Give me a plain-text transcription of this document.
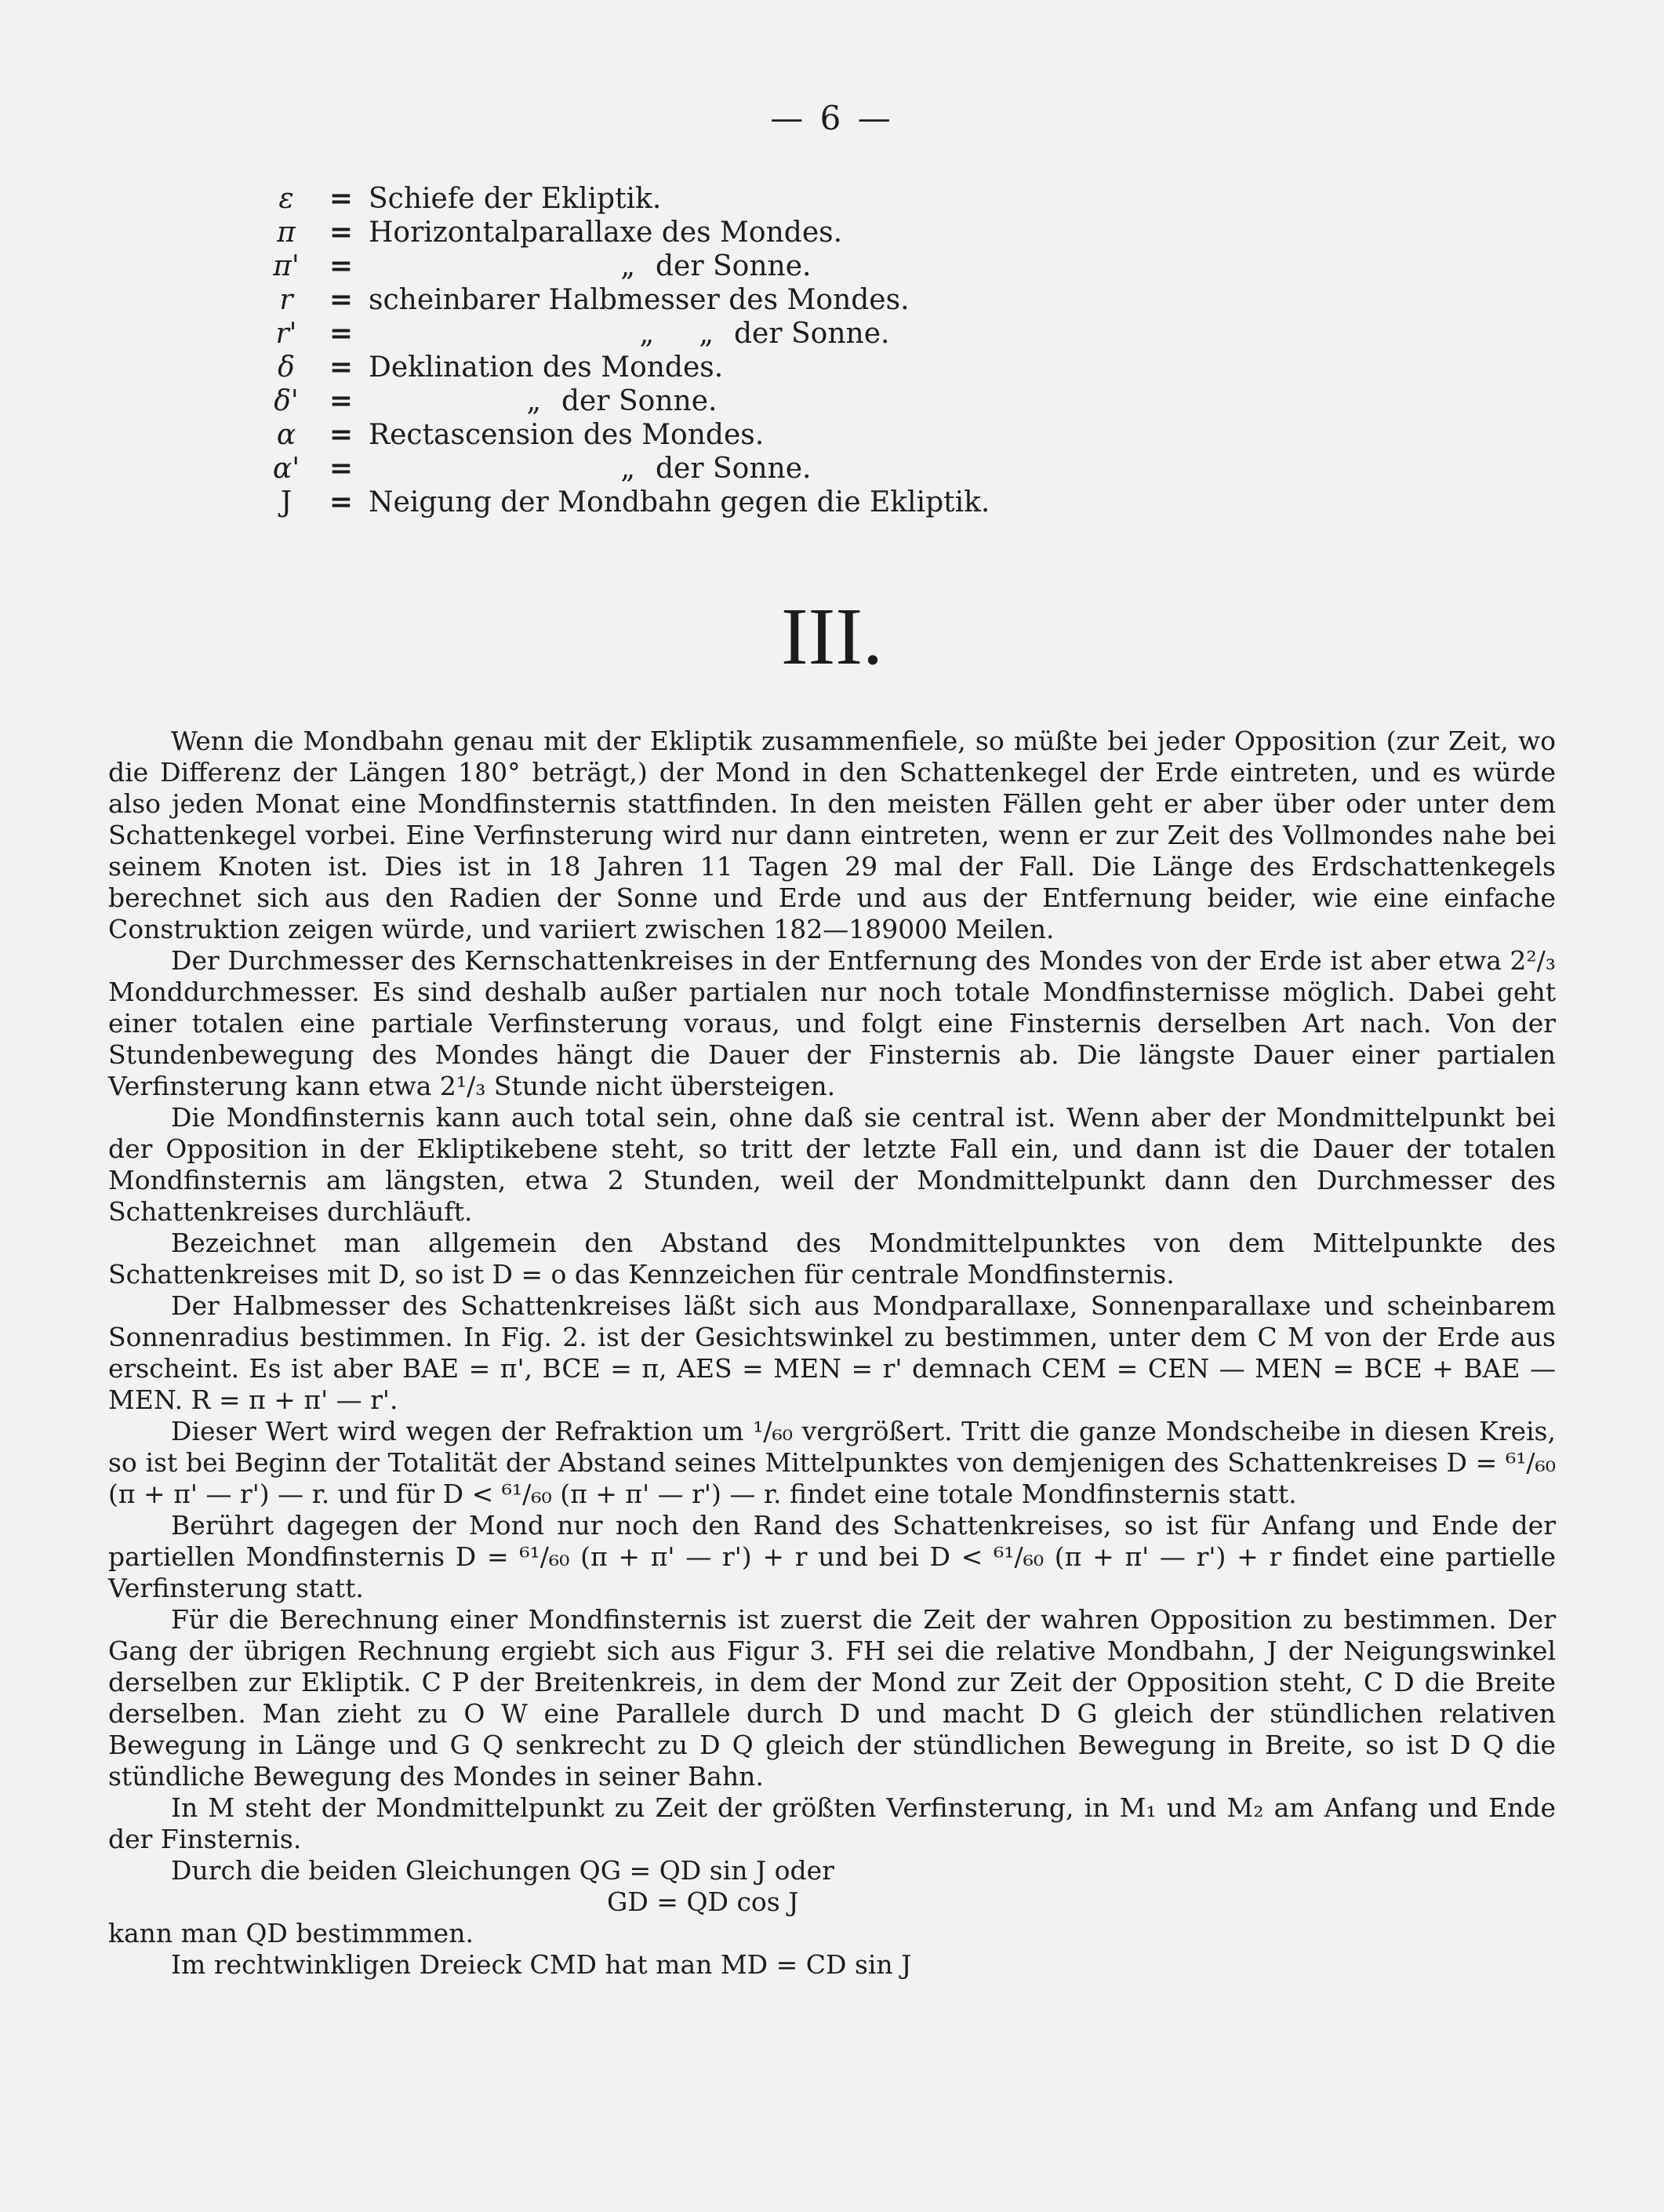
— 6 —
ε	= Schiefe der Ekliptik.
π	= Horizontalparallaxe des Mondes.
π'	=	„ der Sonne.
r	= scheinbarer Halbmesser des Mondes.
r'	=	„     „ der Sonne.
δ	= Deklination des Mondes.
δ'	=	„ der Sonne.
α	= Rectascension des Mondes.
α'	=	„ der Sonne.
J	= Neigung der Mondbahn gegen die Ekliptik.
III.

Wenn die Mondbahn genau mit der Ekliptik zusammenfiele, so müßte bei jeder Opposition (zur Zeit, wo die Differenz der Längen 180° beträgt,) der Mond in den Schattenkegel der Erde eintreten, und es würde also jeden Monat eine Mondfinsternis stattfinden. In den meisten Fällen geht er aber über oder unter dem Schattenkegel vorbei. Eine Verfinsterung wird nur dann eintreten, wenn er zur Zeit des Vollmondes nahe bei seinem Knoten ist. Dies ist in 18 Jahren 11 Tagen 29 mal der Fall. Die Länge des Erdschattenkegels berechnet sich aus den Radien der Sonne und Erde und aus der Entfernung beider, wie eine einfache Construktion zeigen würde, und variiert zwischen 182—189000 Meilen.

Der Durchmesser des Kernschattenkreises in der Entfernung des Mondes von der Erde ist aber etwa 2²/₃ Monddurchmesser. Es sind deshalb außer partialen nur noch totale Mondfinsternisse möglich. Dabei geht einer totalen eine partiale Verfinsterung voraus, und folgt eine Finsternis derselben Art nach. Von der Stundenbewegung des Mondes hängt die Dauer der Finsternis ab. Die längste Dauer einer partialen Verfinsterung kann etwa 2¹/₃ Stunde nicht übersteigen.

Die Mondfinsternis kann auch total sein, ohne daß sie central ist. Wenn aber der Mondmittelpunkt bei der Opposition in der Ekliptikebene steht, so tritt der letzte Fall ein, und dann ist die Dauer der totalen Mondfinsternis am längsten, etwa 2 Stunden, weil der Mondmittelpunkt dann den Durchmesser des Schattenkreises durchläuft.

Bezeichnet man allgemein den Abstand des Mondmittelpunktes von dem Mittelpunkte des Schattenkreises mit D, so ist D = o das Kennzeichen für centrale Mondfinsternis.

Der Halbmesser des Schattenkreises läßt sich aus Mondparallaxe, Sonnenparallaxe und scheinbarem Sonnenradius bestimmen. In Fig. 2. ist der Gesichtswinkel zu bestimmen, unter dem C M von der Erde aus erscheint. Es ist aber BAE = π', BCE = π, AES = MEN = r' demnach CEM = CEN — MEN = BCE + BAE — MEN. R = π + π' — r'.

Dieser Wert wird wegen der Refraktion um ¹/₆₀ vergrößert. Tritt die ganze Mondscheibe in diesen Kreis, so ist bei Beginn der Totalität der Abstand seines Mittelpunktes von demjenigen des Schattenkreises D = ⁶¹/₆₀ (π + π' — r') — r. und für D < ⁶¹/₆₀ (π + π' — r') — r. findet eine totale Mondfinsternis statt.

Berührt dagegen der Mond nur noch den Rand des Schattenkreises, so ist für Anfang und Ende der partiellen Mondfinsternis D = ⁶¹/₆₀ (π + π' — r') + r und bei D < ⁶¹/₆₀ (π + π' — r') + r findet eine partielle Verfinsterung statt.

Für die Berechnung einer Mondfinsternis ist zuerst die Zeit der wahren Opposition zu bestimmen. Der Gang der übrigen Rechnung ergiebt sich aus Figur 3. FH sei die relative Mondbahn, J der Neigungswinkel derselben zur Ekliptik. C P der Breitenkreis, in dem der Mond zur Zeit der Opposition steht, C D die Breite derselben. Man zieht zu O W eine Parallele durch D und macht D G gleich der stündlichen relativen Bewegung in Länge und G Q senkrecht zu D Q gleich der stündlichen Bewegung in Breite, so ist D Q die stündliche Bewegung des Mondes in seiner Bahn.

In M steht der Mondmittelpunkt zu Zeit der größten Verfinsterung, in M₁ und M₂ am Anfang und Ende der Finsternis.

Durch die beiden Gleichungen QG = QD sin J oder

GD = QD cos J

kann man QD bestimmmen.

Im rechtwinkligen Dreieck CMD hat man MD = CD sin J
